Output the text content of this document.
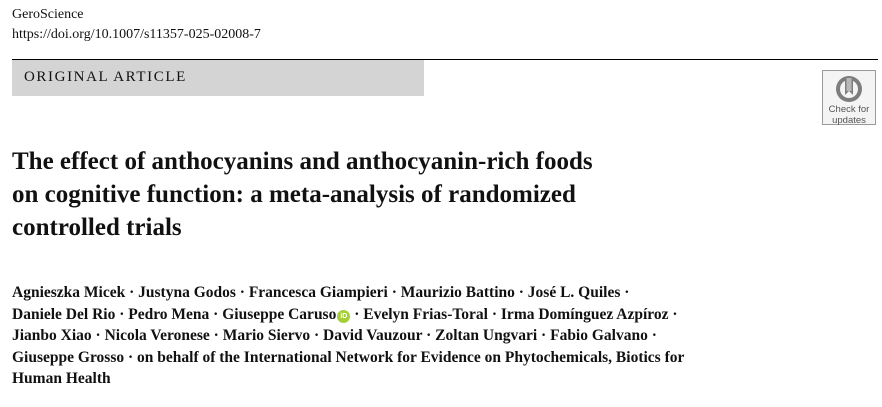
GeroScience
https://doi.org/10.1007/s11357-025-02008-7
ORIGINAL ARTICLE
Check for
updates
The effect of anthocyanins and anthocyanin-rich foods
on cognitive function: a meta-analysis of randomized
controlled trials

Agnieszka Micek · Justyna Godos · Francesca Giampieri · Maurizio Battino · José L. Quiles ·
Daniele Del Rio · Pedro Mena · Giuseppe Caruso iD · Evelyn Frias-Toral · Irma Domínguez Azpíroz ·
Jianbo Xiao · Nicola Veronese · Mario Siervo · David Vauzour · Zoltan Ungvari · Fabio Galvano ·
Giuseppe Grosso · on behalf of the International Network for Evidence on Phytochemicals, Biotics for
Human Health
